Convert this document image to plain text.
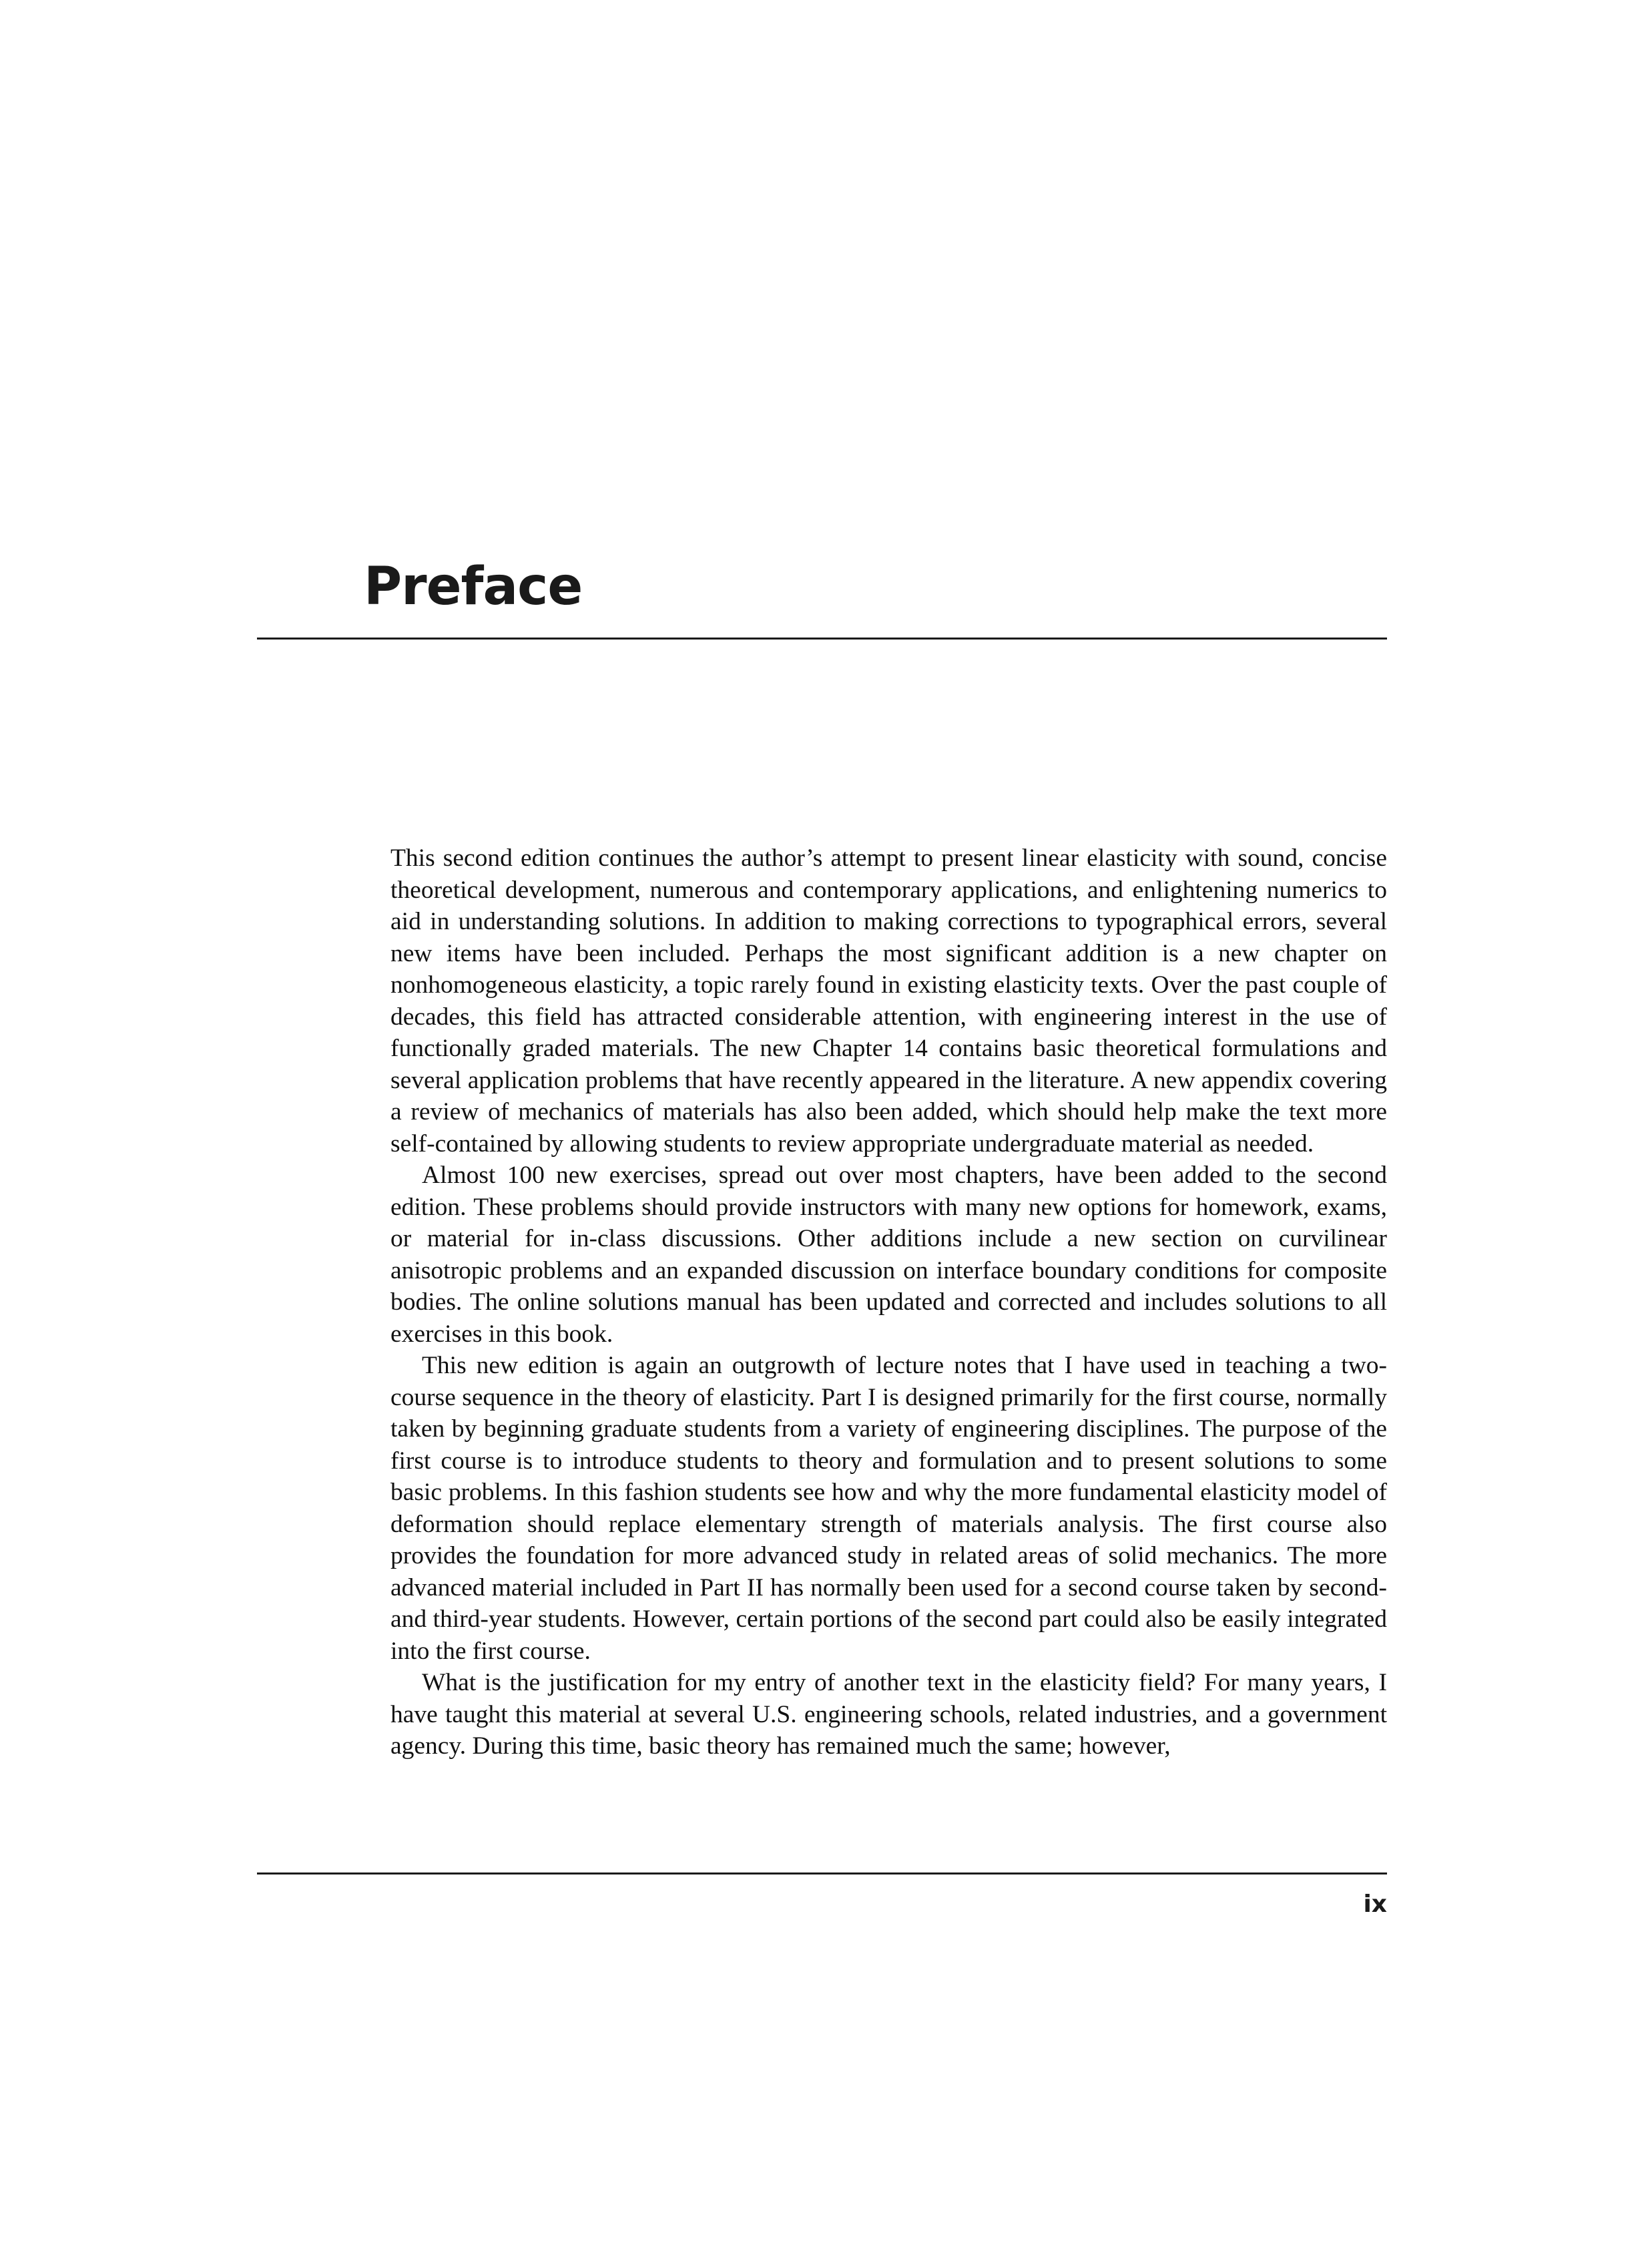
Preface

This second edition continues the author’s attempt to present linear elasticity with sound, concise theoretical development, numerous and contemporary applications, and enlightening numerics to aid in understanding solutions. In addition to making corrections to typographical errors, several new items have been included. Perhaps the most significant addition is a new chapter on nonhomogeneous elasticity, a topic rarely found in existing elasticity texts. Over the past couple of decades, this field has attracted considerable attention, with engineering interest in the use of functionally graded materials. The new Chapter 14 contains basic theoretical formulations and several application problems that have recently appeared in the literature. A new appendix covering a review of mechanics of materials has also been added, which should help make the text more self-contained by allowing students to review appropriate undergraduate material as needed.

Almost 100 new exercises, spread out over most chapters, have been added to the second edition. These problems should provide instructors with many new options for homework, exams, or material for in-class discussions. Other additions include a new section on curvilinear anisotropic problems and an expanded discussion on interface boundary conditions for composite bodies. The online solutions manual has been updated and corrected and includes solutions to all exercises in this book.

This new edition is again an outgrowth of lecture notes that I have used in teaching a two-course sequence in the theory of elasticity. Part I is designed primarily for the first course, normally taken by beginning graduate students from a variety of engineering disciplines. The purpose of the first course is to introduce students to theory and formulation and to present solutions to some basic problems. In this fashion students see how and why the more fundamental elasticity model of deformation should replace elementary strength of materials analysis. The first course also provides the foundation for more advanced study in related areas of solid mechanics. The more advanced material included in Part II has normally been used for a second course taken by second- and third-year students. However, certain portions of the second part could also be easily integrated into the first course.

What is the justification for my entry of another text in the elasticity field? For many years, I have taught this material at several U.S. engineering schools, related industries, and a government agency. During this time, basic theory has remained much the same; however,

ix
